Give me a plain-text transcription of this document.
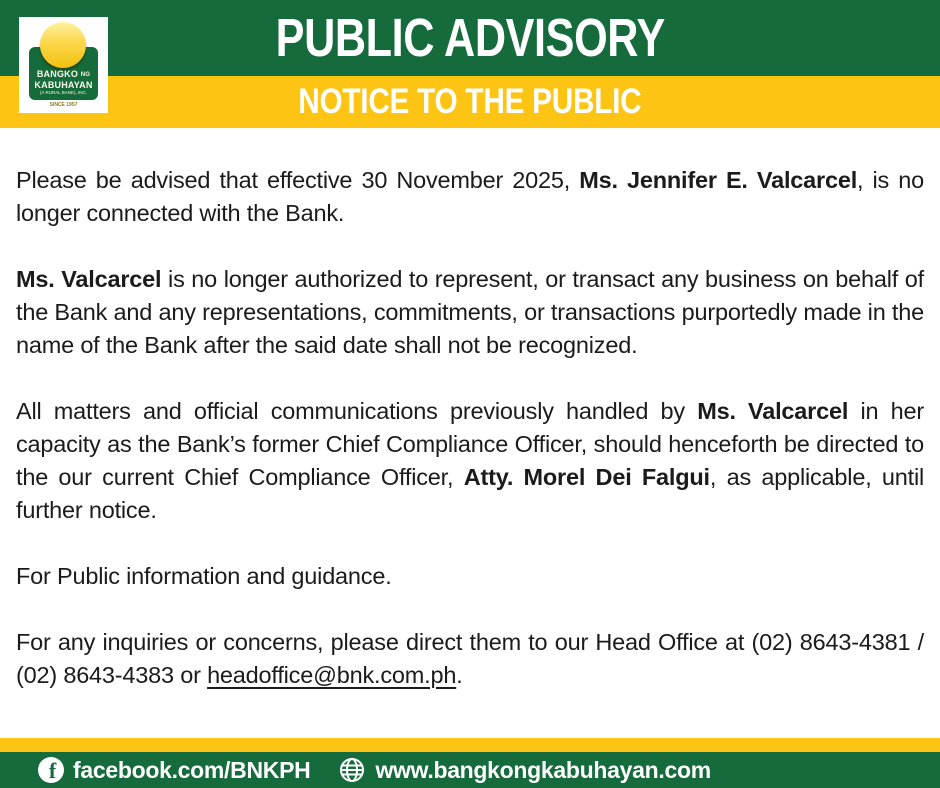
BANGKO NG
KABUHAYAN
(A RURAL BANK), INC.
SINCE 1957
PUBLIC ADVISORY
NOTICE TO THE PUBLIC

Please be advised that effective 30 November 2025, Ms. Jennifer E. Valcarcel, is no longer connected with the Bank.

Ms. Valcarcel is no longer authorized to represent, or transact any business on behalf of the Bank and any representations, commitments, or transactions purportedly made in the name of the Bank after the said date shall not be recognized.

All matters and official communications previously handled by Ms. Valcarcel in her capacity as the Bank’s former Chief Compliance Officer, should henceforth be directed to the our current Chief Compliance Officer, Atty. Morel Dei Falgui, as applicable, until further notice.

For Public information and guidance.

For any inquiries or concerns, please direct them to our Head Office at (02) 8643-4381 / (02) 8643-4383 or headoffice@bnk.com.ph.

f facebook.com/BNKPH	www.bangkongkabuhayan.com
